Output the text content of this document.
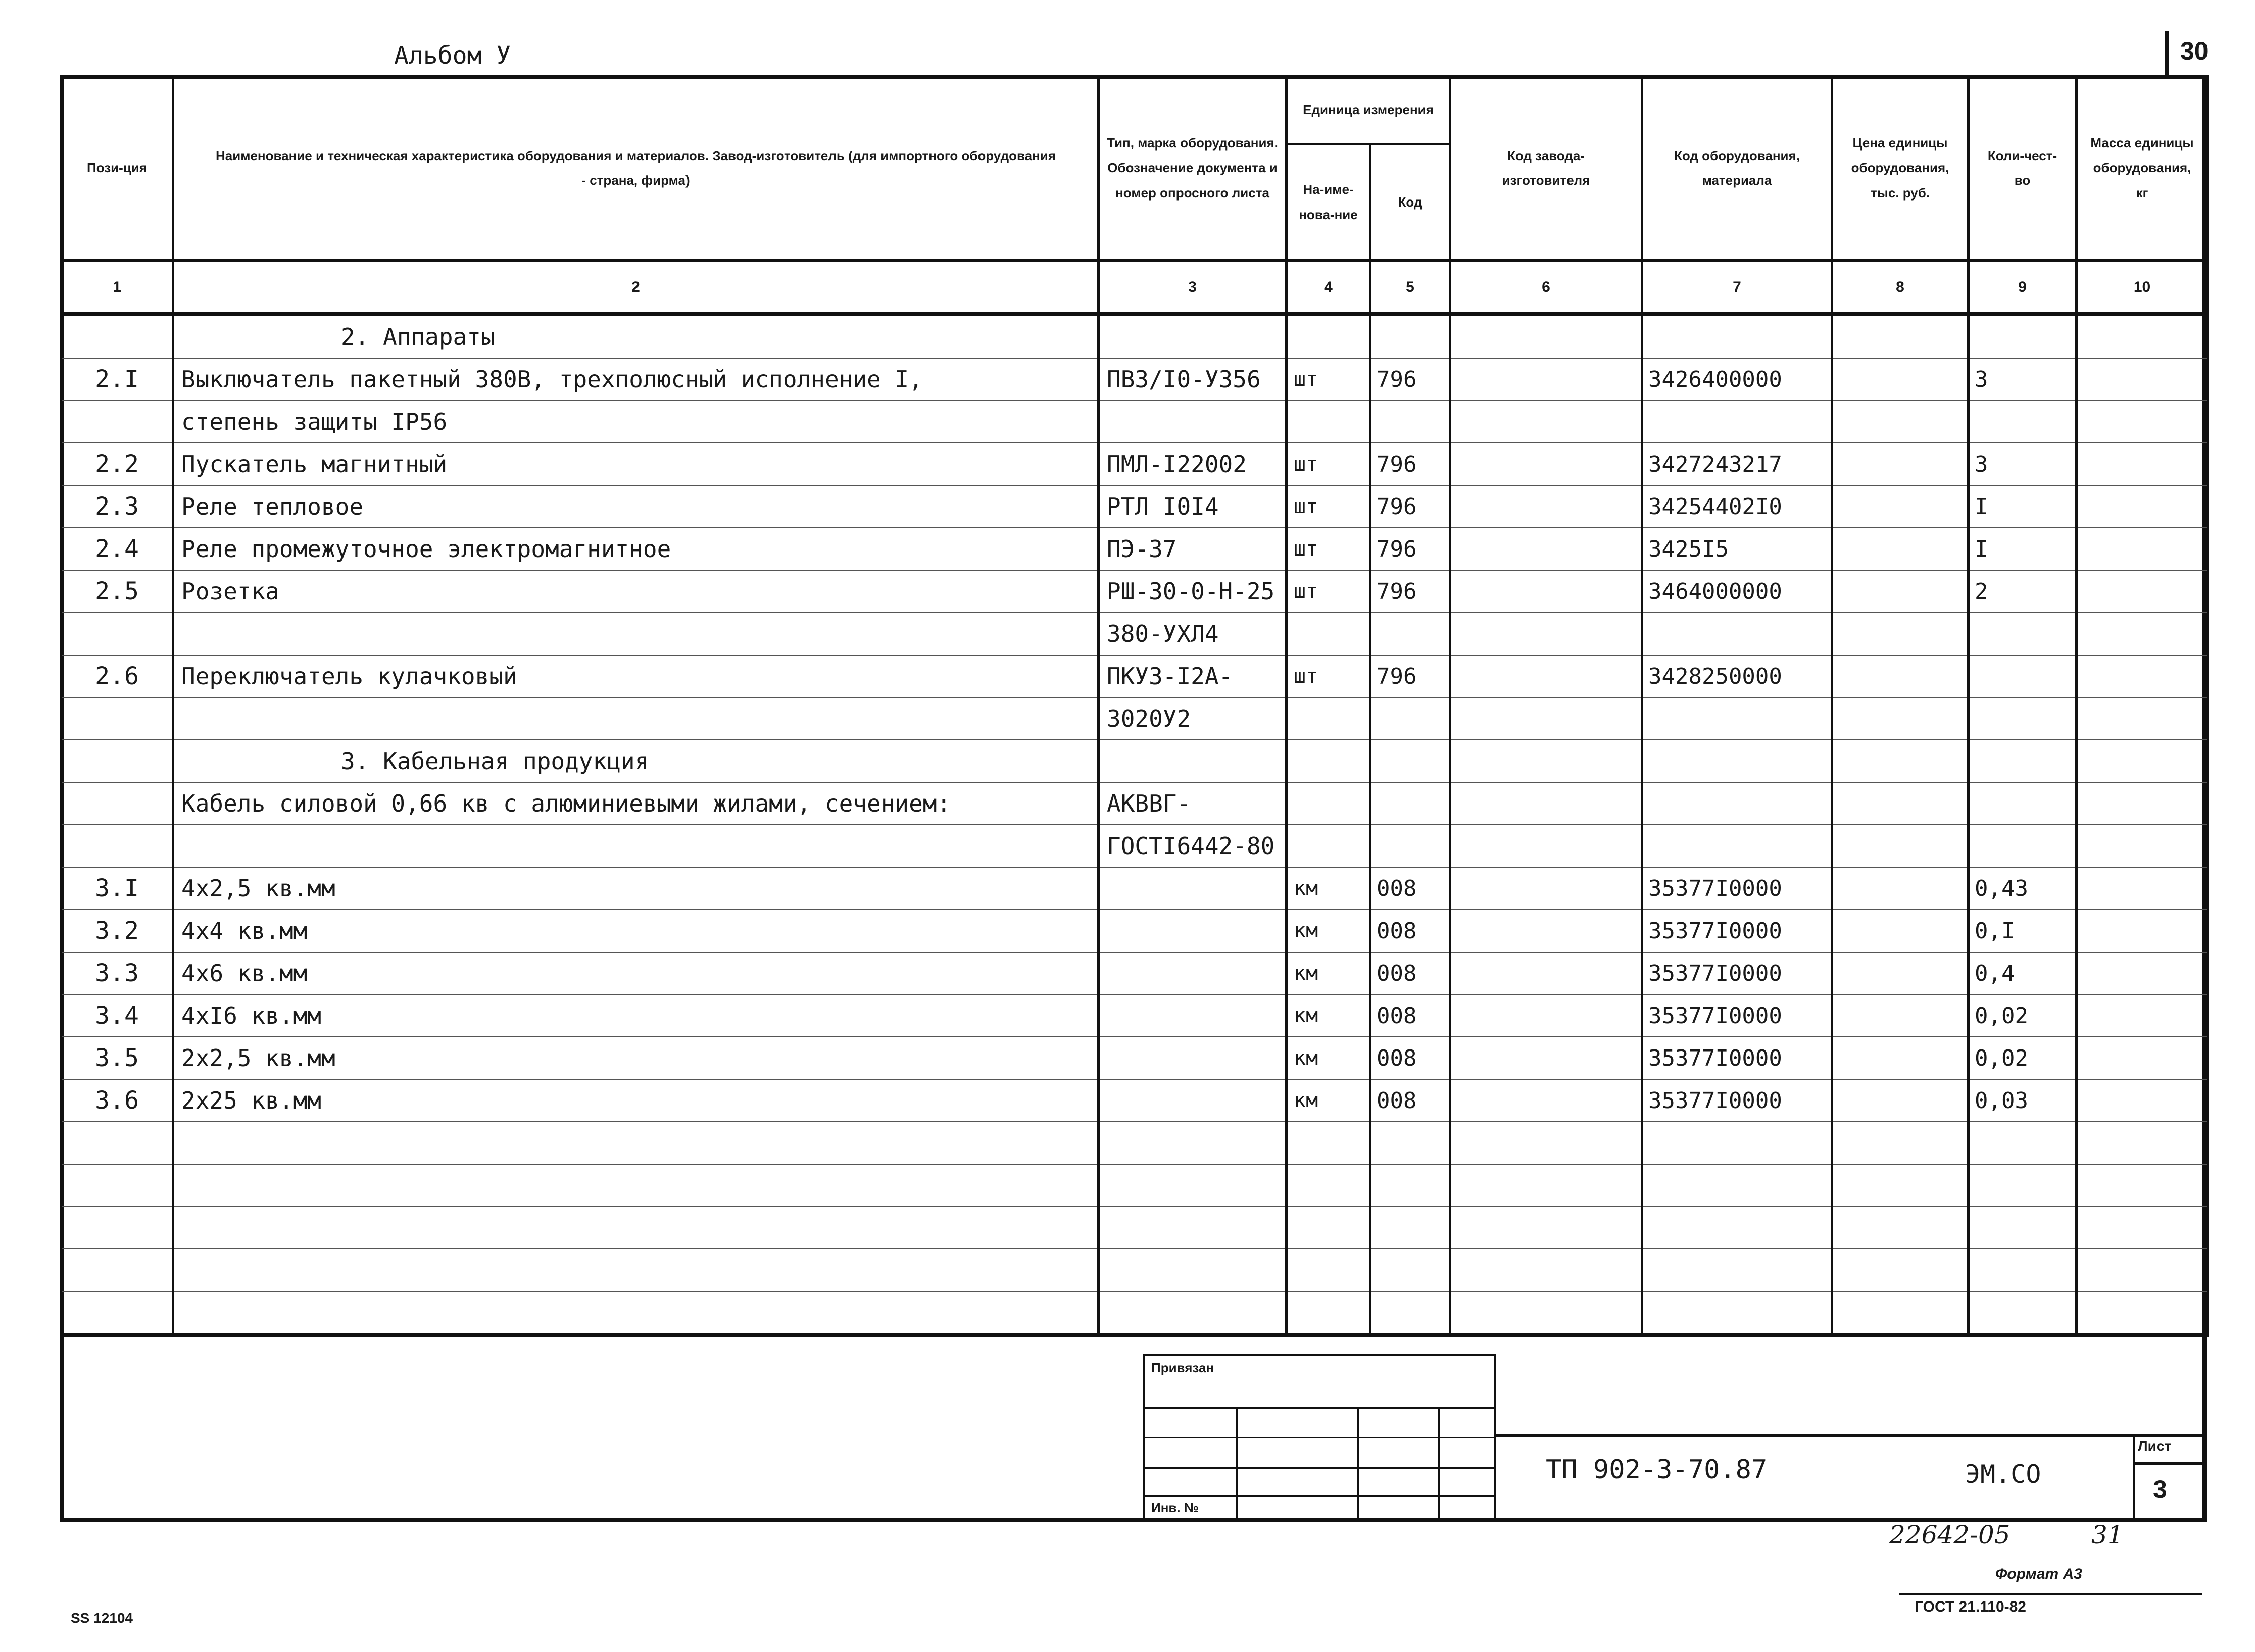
Альбом У	30
Пози-ция	Наименование и техническая характеристика оборудования и материалов. Завод-изготовитель (для импортного оборудования - страна, фирма)	Тип, марка оборудования. Обозначение документа и номер опросного листа	Единица измерения		Код завода-изготовителя	Код оборудования, материала	Цена единицы оборудования, тыс. руб.	Коли-чест-во	Масса единицы оборудования, кг
			На-име-нова-ние	Код					
1	2	3	4	5	6	7	8	9	10
	2. Аппараты								
2.I	Выключатель пакетный 380В, трехполюсный исполнение I,	ПВЗ/I0-У356	шт	796		3426400000		3	
	степень защиты IР56								
2.2	Пускатель магнитный	ПМЛ-I22002	шт	796		3427243217		3	
2.3	Реле тепловое	РТЛ I0I4	шт	796		34254402I0		I	
2.4	Реле промежуточное электромагнитное	ПЭ-37	шт	796		3425I5		I	
2.5	Розетка	РШ-30-0-Н-25	шт	796		3464000000		2	
		380-УХЛ4							
2.6	Переключатель кулачковый	ПКУЗ-I2А-	шт	796		3428250000			
		3020У2							
	3. Кабельная продукция								
	Кабель силовой 0,66 кв с алюминиевыми жилами, сечением:	АКВВГ-							
		ГОСТI6442-80							
3.I	4х2,5 кв.мм		км	008		35377I0000		0,43	
3.2	4х4 кв.мм		км	008		35377I0000		0,I	
3.3	4х6 кв.мм		км	008		35377I0000		0,4	
3.4	4хI6 кв.мм		км	008		35377I0000		0,02	
3.5	2х2,5 кв.мм		км	008		35377I0000		0,02	
3.6	2х25 кв.мм		км	008		35377I0000		0,03	

Привязан
Инв. №
ТП 902-3-70.87	ЭМ.СО
Лист
3
22642-05	31
Формат А3
ГОСТ 21.110-82
SS 12104
